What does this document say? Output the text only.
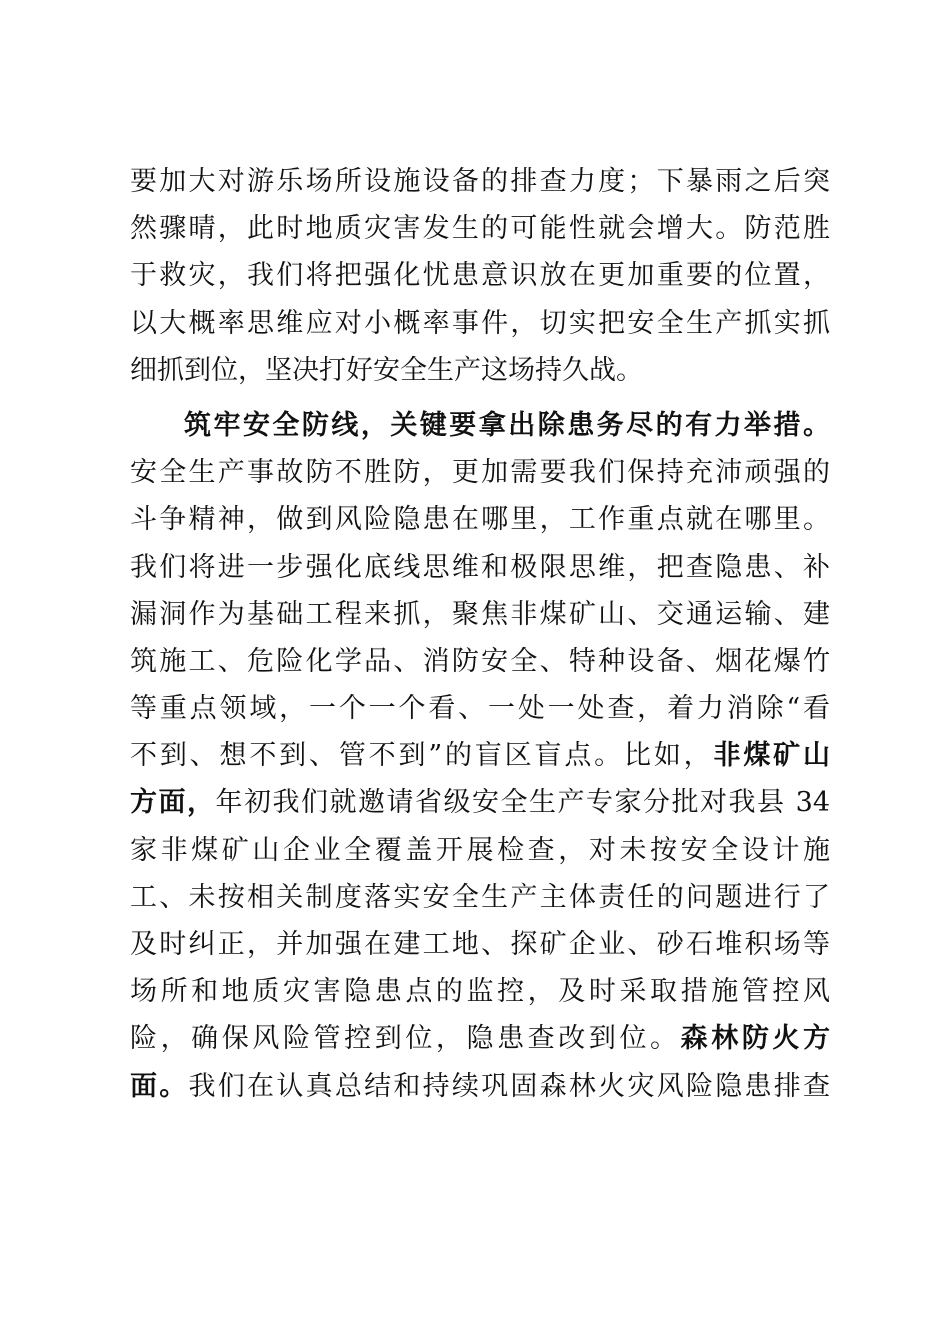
要加大对游乐场所设施设备的排查力度；下暴雨之后突
然骤晴，此时地质灾害发生的可能性就会增大。防范胜
于救灾，我们将把强化忧患意识放在更加重要的位置，
以大概率思维应对小概率事件，切实把安全生产抓实抓
细抓到位，坚决打好安全生产这场持久战。
筑牢安全防线，关键要拿出除患务尽的有力举措。
安全生产事故防不胜防，更加需要我们保持充沛顽强的
斗争精神，做到风险隐患在哪里，工作重点就在哪里。
我们将进一步强化底线思维和极限思维，把查隐患、补
漏洞作为基础工程来抓，聚焦非煤矿山、交通运输、建
筑施工、危险化学品、消防安全、特种设备、烟花爆竹
等重点领域，一个一个看、一处一处查，着力消除“看
不到、想不到、管不到”的盲区盲点。比如，非煤矿山
方面，年初我们就邀请省级安全生产专家分批对我县 34
家非煤矿山企业全覆盖开展检查，对未按安全设计施
工、未按相关制度落实安全生产主体责任的问题进行了
及时纠正，并加强在建工地、探矿企业、砂石堆积场等
场所和地质灾害隐患点的监控，及时采取措施管控风
险，确保风险管控到位，隐患查改到位。森林防火方
面。我们在认真总结和持续巩固森林火灾风险隐患排查
